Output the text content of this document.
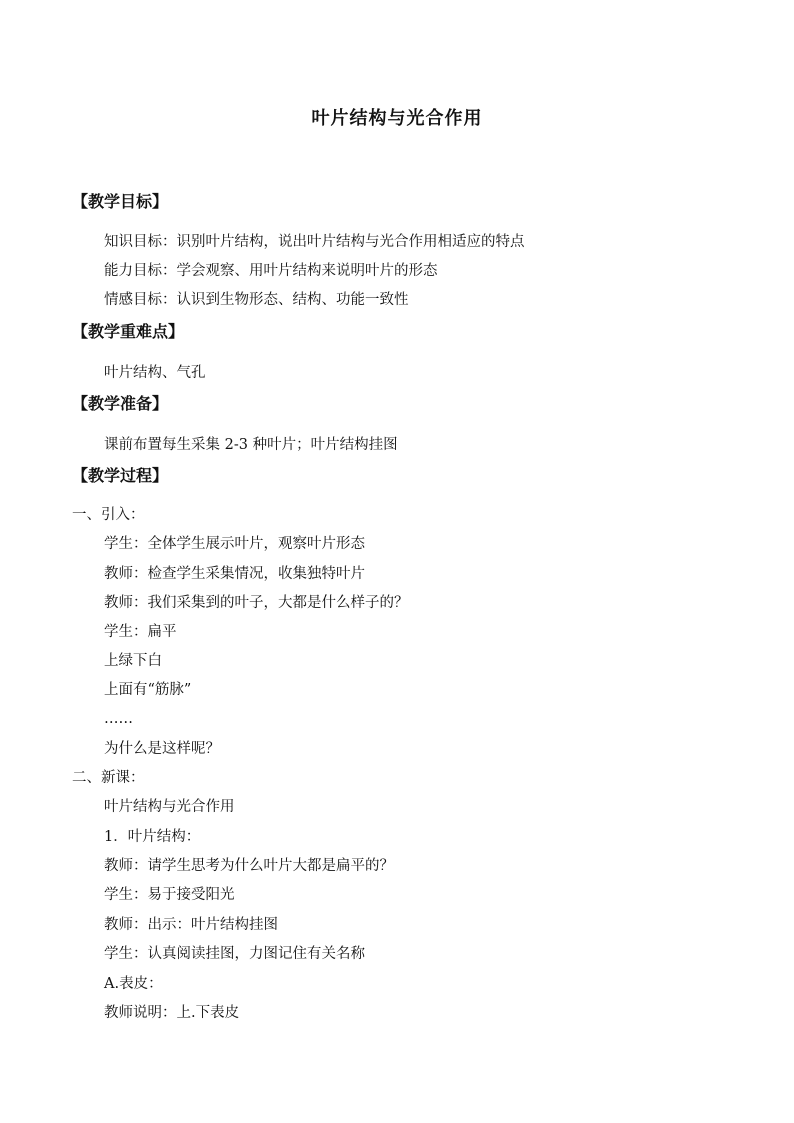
叶片结构与光合作用
【教学目标】
知识目标：识别叶片结构，说出叶片结构与光合作用相适应的特点
能力目标：学会观察、用叶片结构来说明叶片的形态
情感目标：认识到生物形态、结构、功能一致性
【教学重难点】
叶片结构、气孔
【教学准备】
课前布置每生采集 2-3 种叶片；叶片结构挂图
【教学过程】
一、引入：
学生：全体学生展示叶片，观察叶片形态
教师：检查学生采集情况，收集独特叶片
教师：我们采集到的叶子，大都是什么样子的？
学生：扁平
上绿下白
上面有“筋脉”
……
为什么是这样呢？
二、新课：
叶片结构与光合作用
1．叶片结构：
教师：请学生思考为什么叶片大都是扁平的？
学生：易于接受阳光
教师：出示：叶片结构挂图
学生：认真阅读挂图，力图记住有关名称
A.表皮：
教师说明：上.下表皮
